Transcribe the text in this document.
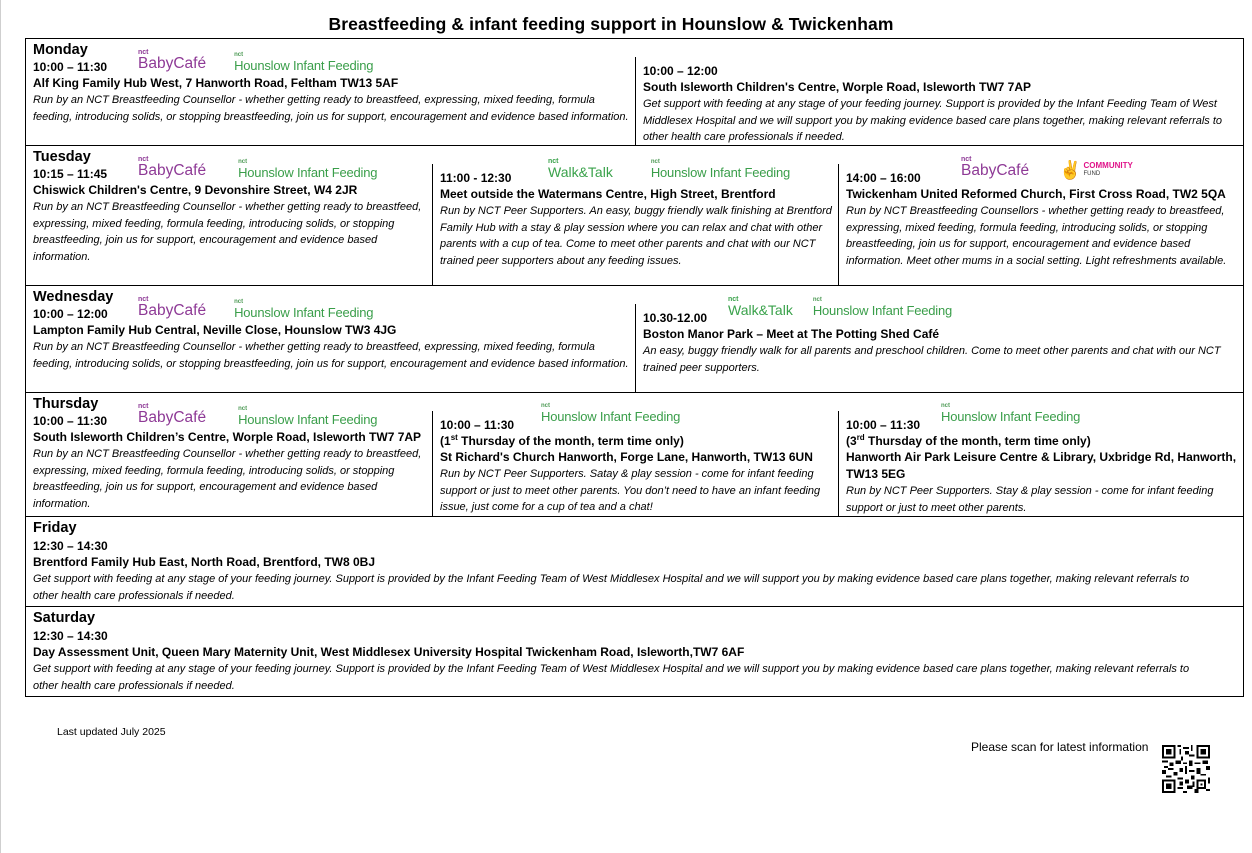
Breastfeeding & infant feeding support in Hounslow & Twickenham
Monday	nct
BabyCafé
nct
Hounslow Infant Feeding
10:00 – 11:30
Alf King Family Hub West, 7 Hanworth Road, Feltham TW13 5AF
Run by an NCT Breastfeeding Counsellor - whether getting ready to breastfeed, expressing, mixed feeding, formula feeding, introducing solids, or stopping breastfeeding, join us for support, encouragement and evidence based information.
10:00 – 12:00
South Isleworth Children's Centre, Worple Road, Isleworth TW7 7AP
Get support with feeding at any stage of your feeding journey. Support is provided by the Infant Feeding Team of West Middlesex Hospital and we will support you by making evidence based care plans together, making relevant referrals to other health care professionals if needed.
Tuesday	nct
BabyCafé
nct
Hounslow Infant Feeding
10:15 – 11:45
Chiswick Children's Centre, 9 Devonshire Street, W4 2JR
Run by an NCT Breastfeeding Counsellor - whether getting ready to breastfeed, expressing, mixed feeding, formula feeding, introducing solids, or stopping breastfeeding, join us for support, encouragement and evidence based information.
nct
Walk&Talk
nct
Hounslow Infant Feeding
11:00 - 12:30
Meet outside the Watermans Centre, High Street, Brentford
Run by NCT Peer Supporters. An easy, buggy friendly walk finishing at Brentford Family Hub with a stay & play session where you can relax and chat with other parents with a cup of tea. Come to meet other parents and chat with our NCT trained peer supporters about any feeding issues.
nct
BabyCafé ✌ COMMUNITY
FUND
14:00 – 16:00
Twickenham United Reformed Church, First Cross Road, TW2 5QA
Run by NCT Breastfeeding Counsellors - whether getting ready to breastfeed, expressing, mixed feeding, formula feeding, introducing solids, or stopping breastfeeding, join us for support, encouragement and evidence based information. Meet other mums in a social setting. Light refreshments available.
Wednesday	nct
BabyCafé
nct
Hounslow Infant Feeding
10:00 – 12:00
Lampton Family Hub Central, Neville Close, Hounslow TW3 4JG
Run by an NCT Breastfeeding Counsellor - whether getting ready to breastfeed, expressing, mixed feeding, formula feeding, introducing solids, or stopping breastfeeding, join us for support, encouragement and evidence based information.
nct
Walk&Talk
nct
Hounslow Infant Feeding
10.30-12.00
Boston Manor Park – Meet at The Potting Shed Café
An easy, buggy friendly walk for all parents and preschool children. Come to meet other parents and chat with our NCT trained peer supporters.
Thursday	nct
BabyCafé
nct
Hounslow Infant Feeding
10:00 – 11:30
South Isleworth Children’s Centre, Worple Road, Isleworth TW7 7AP
Run by an NCT Breastfeeding Counsellor - whether getting ready to breastfeed, expressing, mixed feeding, formula feeding, introducing solids, or stopping breastfeeding, join us for support, encouragement and evidence based information.
nct
Hounslow Infant Feeding
10:00 – 11:30
(1st Thursday of the month, term time only)
St Richard's Church Hanworth, Forge Lane, Hanworth, TW13 6UN
Run by NCT Peer Supporters. Satay & play session - come for infant feeding support or just to meet other parents. You don’t need to have an infant feeding issue, just come for a cup of tea and a chat!
nct
Hounslow Infant Feeding
10:00 – 11:30
(3rd Thursday of the month, term time only)
Hanworth Air Park Leisure Centre & Library, Uxbridge Rd, Hanworth, TW13 5EG
Run by NCT Peer Supporters. Stay & play session - come for infant feeding support or just to meet other parents.
Friday
12:30 – 14:30
Brentford Family Hub East, North Road, Brentford, TW8 0BJ
Get support with feeding at any stage of your feeding journey. Support is provided by the Infant Feeding Team of West Middlesex Hospital and we will support you by making evidence based care plans together, making relevant referrals to other health care professionals if needed.
Saturday
12:30 – 14:30
Day Assessment Unit, Queen Mary Maternity Unit, West Middlesex University Hospital Twickenham Road, Isleworth,TW7 6AF
Get support with feeding at any stage of your feeding journey. Support is provided by the Infant Feeding Team of West Middlesex Hospital and we will support you by making evidence based care plans together, making relevant referrals to other health care professionals if needed.
Last updated July 2025
Please scan for latest information
